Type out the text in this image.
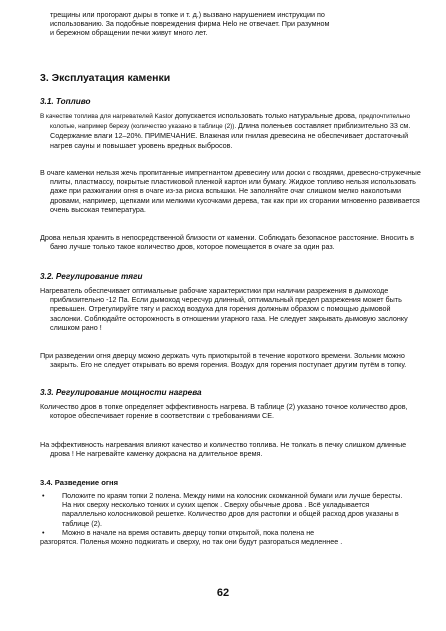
трещины или прогорают дыры в топке и т. д.) вызвано нарушением инструкции по
использованию. За подобные повреждения фирма Helo не отвечает. При разумном
и бережном обращении печки живут много лет.
3. Эксплуатация каменки
3.1. Топливо
В качестве топлива для нагревателей Kastor допускается использовать только натуральные дрова, предпочтительно колотые, например березу (количество указано в таблице (2)). Длина поленьев составляет приблизительно 33 см. Содержание влаги 12–20%. ПРИМЕЧАНИЕ. Влажная или гнилая древесина не обеспечивает достаточный нагрев сауны и повышает уровень вредных выбросов.
В очаге каменки нельзя жечь пропитанные импрегнантом древесину или доски с гвоздями, древесно-стружечные плиты, пластмассу, покрытые пластиковой пленкой картон или бумагу. Жидкое топливо нельзя использовать даже при разжигании огня в очаге из-за риска вспышки. Не заполняйте очаг слишком мелко наколотыми дровами, например, щепками или мелкими кусочками дерева, так как при их сгорании мгновенно развивается очень высокая температура.
Дрова нельзя хранить в непосредственной близости от каменки. Соблюдать безопасное расстояние. Вносить в баню лучше только такое количество дров, которое помещается в очаге за один раз.
3.2. Регулирование тяги
Нагреватель обеспечивает оптимальные рабочие характеристики при наличии разрежения в дымоходе приблизительно -12 Па. Если дымоход чересчур длинный, оптимальный предел разрежения может быть превышен. Отрегулируйте тягу и расход воздуха для горения должным образом с помощью дымовой заслонки. Соблюдайте осторожность в отношении угарного газа. Не следует закрывать дымовую заслонку слишком рано !
При разведении огня дверцу можно держать чуть приоткрытой в течение короткого времени. Зольник можно закрыть. Его не следует открывать во время горения. Воздух для горения поступает другим путём в топку.
3.3. Регулирование мощности нагрева
Количество дров в топке определяет эффективность нагрева. В таблице (2) указано точное количество дров, которое обеспечивает горение в соответствии с требованиями СЕ.
На эффективность нагревания влияют качество и количество топлива. Не толкать в печку слишком длинные дрова ! Не нагревайте каменку докрасна на длительное время.
3.4. Разведение огня
• Положите по краям топки 2 полена. Между ними на колосник скомканной бумаги или лучше бересты. На них сверху несколько тонких и сухих щепок . Сверху обычные дрова . Всё укладывается параллельно колосниковой решетке. Количество дров для растопки и общей расход дров указаны в таблице (2).
• Можно в начале на время оставить дверцу топки открытой, пока полена не
разгорятся. Поленья можно поджигать и сверху, но так они будут разгораться медленнее .
62
